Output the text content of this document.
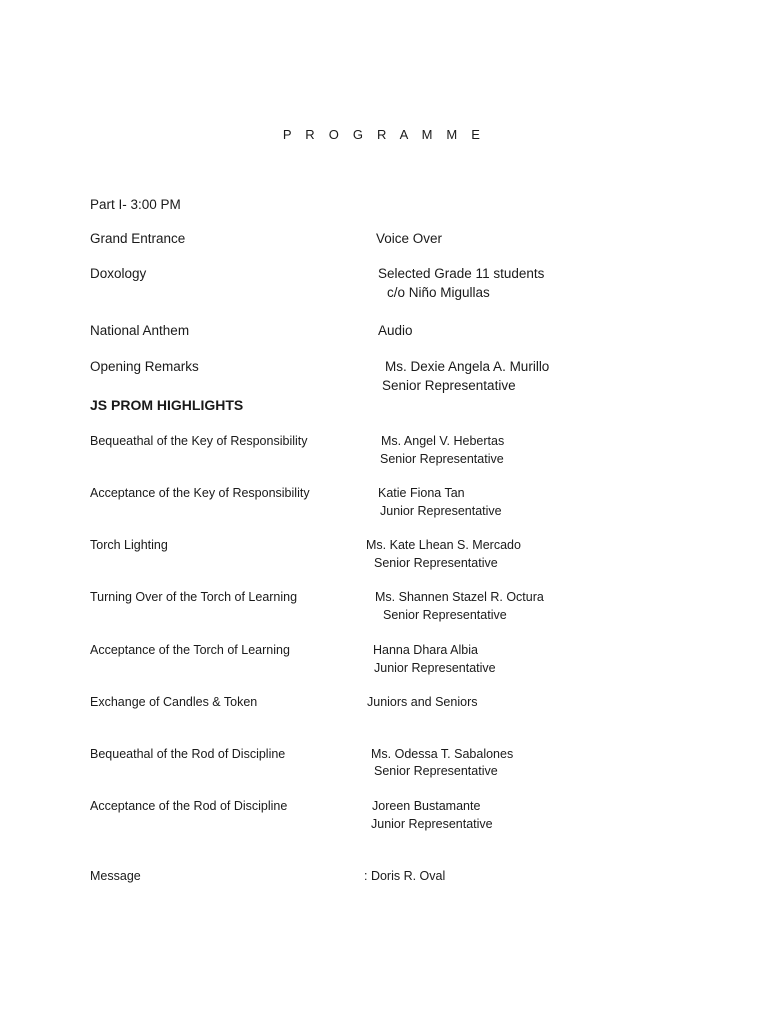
P R O G R A M M E
Part I- 3:00 PM
Grand Entrance	Voice Over
Doxology	Selected Grade 11 students
c/o Niño Migullas
National Anthem	Audio
Opening Remarks	Ms. Dexie Angela A. Murillo
Senior Representative
JS PROM HIGHLIGHTS
Bequeathal of the Key of Responsibility	Ms. Angel V. Hebertas
Senior Representative
Acceptance of the Key of Responsibility	Katie Fiona Tan
Junior Representative
Torch Lighting	Ms. Kate Lhean S. Mercado
Senior Representative
Turning Over of the Torch of Learning	Ms. Shannen Stazel R. Octura
Senior Representative
Acceptance of the Torch of Learning	Hanna Dhara Albia
Junior Representative
Exchange of Candles & Token	Juniors and Seniors
Bequeathal of the Rod of Discipline	Ms. Odessa T. Sabalones
Senior Representative
Acceptance of the Rod of Discipline	Joreen Bustamante
Junior Representative
Message	: Doris R. Oval
